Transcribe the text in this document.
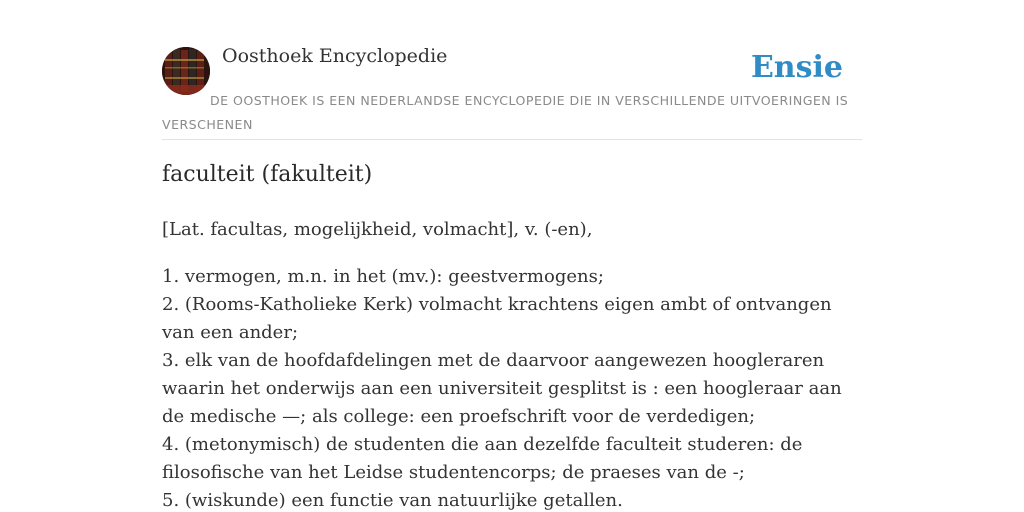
Oosthoek Encyclopedie	Ensie
DE OOSTHOEK IS EEN NEDERLANDSE ENCYCLOPEDIE DIE IN VERSCHILLENDE UITVOERINGEN IS VERSCHENEN
faculteit (fakulteit)

[Lat. facultas, mogelijkheid, volmacht], v. (-en),

1. vermogen, m.n. in het (mv.): geestvermogens;
2. (Rooms-Katholieke Kerk) volmacht krachtens eigen ambt of ontvangen van een ander;
3. elk van de hoofdafdelingen met de daarvoor aangewezen hoogleraren waarin het onderwijs aan een universiteit gesplitst is : een hoogleraar aan de medische —; als college: een proefschrift voor de verdedigen;
4. (metonymisch) de studenten die aan dezelfde faculteit studeren: de filosofische van het Leidse studentencorps; de praeses van de -;
5. (wiskunde) een functie van natuurlijke getallen.
